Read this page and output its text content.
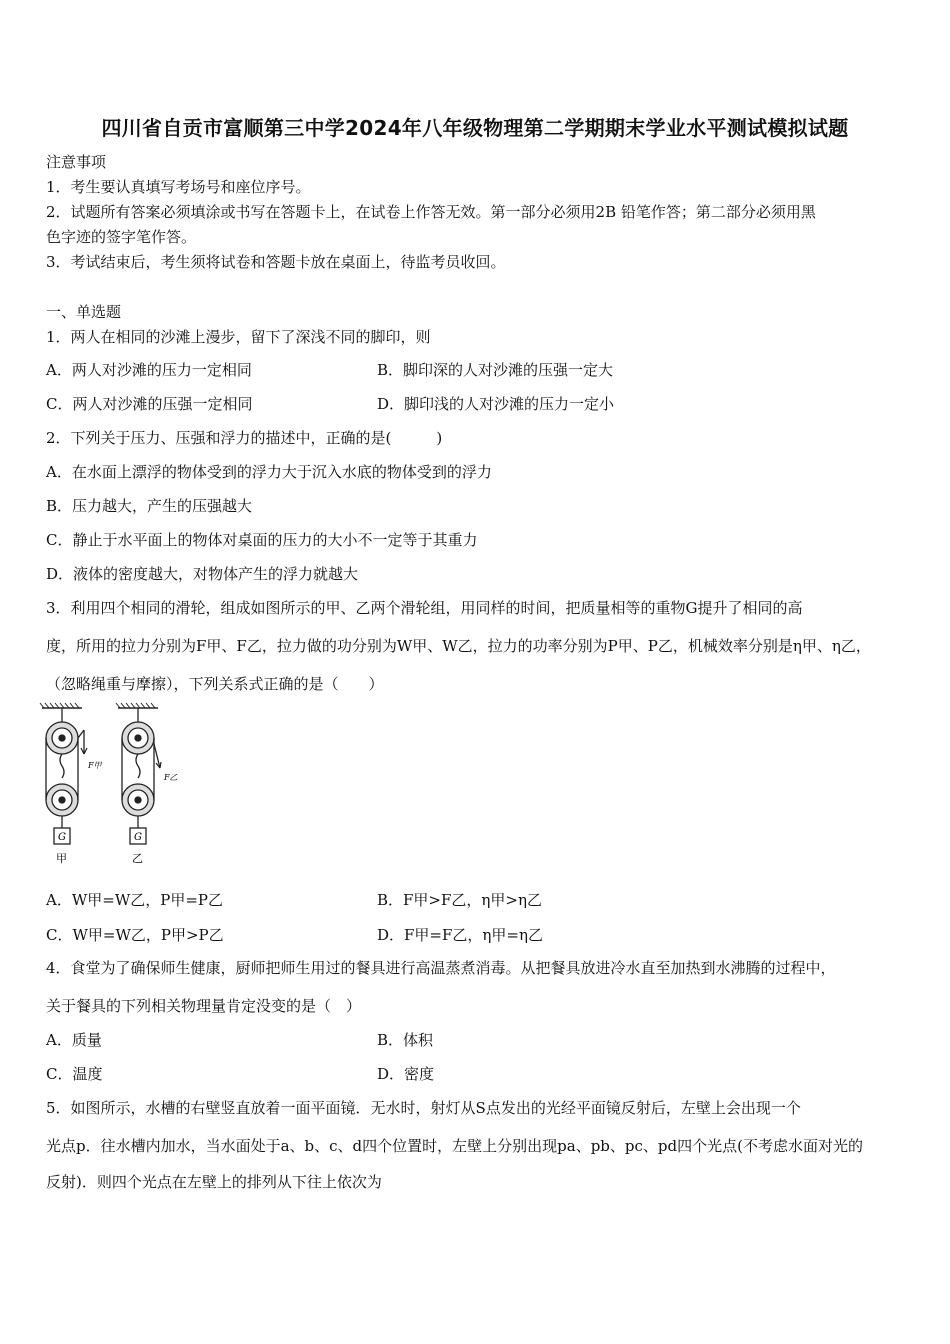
四川省自贡市富顺第三中学2024年八年级物理第二学期期末学业水平测试模拟试题
注意事项
1．考生要认真填写考场号和座位序号。
2．试题所有答案必须填涂或书写在答题卡上，在试卷上作答无效。第一部分必须用2B 铅笔作答；第二部分必须用黑
色字迹的签字笔作答。
3．考试结束后，考生须将试卷和答题卡放在桌面上，待监考员收回。
一、单选题
1．两人在相同的沙滩上漫步，留下了深浅不同的脚印，则
A．两人对沙滩的压力一定相同	B．脚印深的人对沙滩的压强一定大
C．两人对沙滩的压强一定相同	D．脚印浅的人对沙滩的压力一定小
2．下列关于压力、压强和浮力的描述中，正确的是(　　　)
A．在水面上漂浮的物体受到的浮力大于沉入水底的物体受到的浮力
B．压力越大，产生的压强越大
C．静止于水平面上的物体对桌面的压力的大小不一定等于其重力
D．液体的密度越大，对物体产生的浮力就越大
3．利用四个相同的滑轮，组成如图所示的甲、乙两个滑轮组，用同样的时间，把质量相等的重物G提升了相同的高
度，所用的拉力分别为F甲、F乙，拉力做的功分别为W甲、W乙，拉力的功率分别为P甲、P乙，机械效率分别是η甲、η乙，
（忽略绳重与摩擦），下列关系式正确的是（　　）
G
F甲
甲
G
F乙
乙
A．W甲=W乙，P甲=P乙	B．F甲>F乙，η甲>η乙
C．W甲=W乙，P甲>P乙	D．F甲=F乙，η甲=η乙
4．食堂为了确保师生健康，厨师把师生用过的餐具进行高温蒸煮消毒。从把餐具放进冷水直至加热到水沸腾的过程中，
关于餐具的下列相关物理量肯定没变的是（　）
A．质量	B．体积
C．温度	D．密度
5．如图所示，水槽的右壁竖直放着一面平面镜．无水时，射灯从S点发出的光经平面镜反射后，左壁上会出现一个
光点p．往水槽内加水，当水面处于a、b、c、d四个位置时，左壁上分别出现pa、pb、pc、pd四个光点(不考虑水面对光的
反射)．则四个光点在左壁上的排列从下往上依次为
